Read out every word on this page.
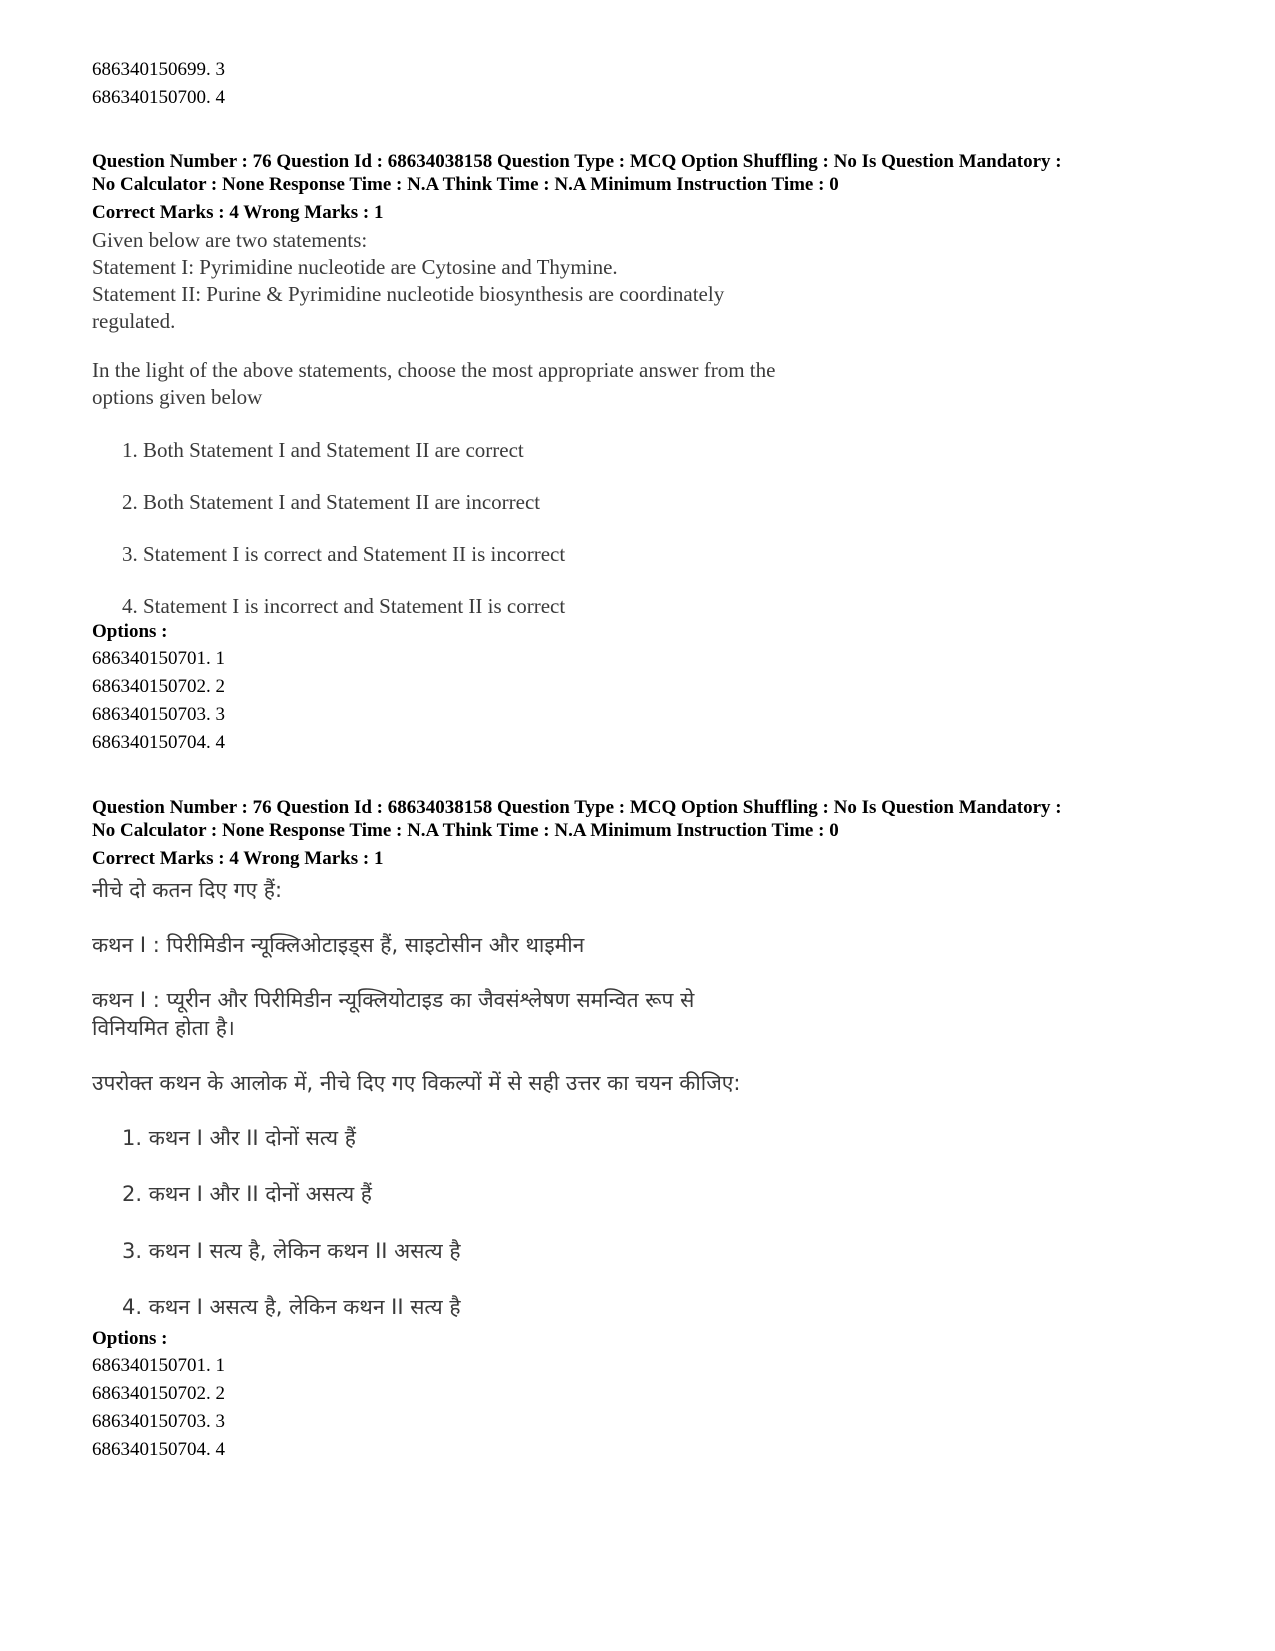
686340150699. 3
686340150700. 4
Question Number : 76 Question Id : 68634038158 Question Type : MCQ Option Shuffling : No Is Question Mandatory :
No Calculator : None Response Time : N.A Think Time : N.A Minimum Instruction Time : 0
Correct Marks : 4 Wrong Marks : 1
Given below are two statements:
Statement I: Pyrimidine nucleotide are Cytosine and Thymine.
Statement II: Purine & Pyrimidine nucleotide biosynthesis are coordinately
regulated.
In the light of the above statements, choose the most appropriate answer from the
options given below
1. Both Statement I and Statement II are correct
2. Both Statement I and Statement II are incorrect
3. Statement I is correct and Statement II is incorrect
4. Statement I is incorrect and Statement II is correct
Options :
686340150701. 1
686340150702. 2
686340150703. 3
686340150704. 4
Question Number : 76 Question Id : 68634038158 Question Type : MCQ Option Shuffling : No Is Question Mandatory :
No Calculator : None Response Time : N.A Think Time : N.A Minimum Instruction Time : 0
Correct Marks : 4 Wrong Marks : 1
नीचे दो कतन दिए गए हैं:
कथन I : पिरीमिडीन न्यूक्लिओटाइड्स हैं, साइटोसीन और थाइमीन
कथन I : प्यूरीन और पिरीमिडीन न्यूक्लियोटाइड का जैवसंश्लेषण समन्वित रूप से
विनियमित होता है।
उपरोक्त कथन के आलोक में, नीचे दिए गए विकल्पों में से सही उत्तर का चयन कीजिए:
1. कथन I और II दोनों सत्य हैं
2. कथन I और II दोनों असत्य हैं
3. कथन I सत्य है, लेकिन कथन II असत्य है
4. कथन I असत्य है, लेकिन कथन II सत्य है
Options :
686340150701. 1
686340150702. 2
686340150703. 3
686340150704. 4
